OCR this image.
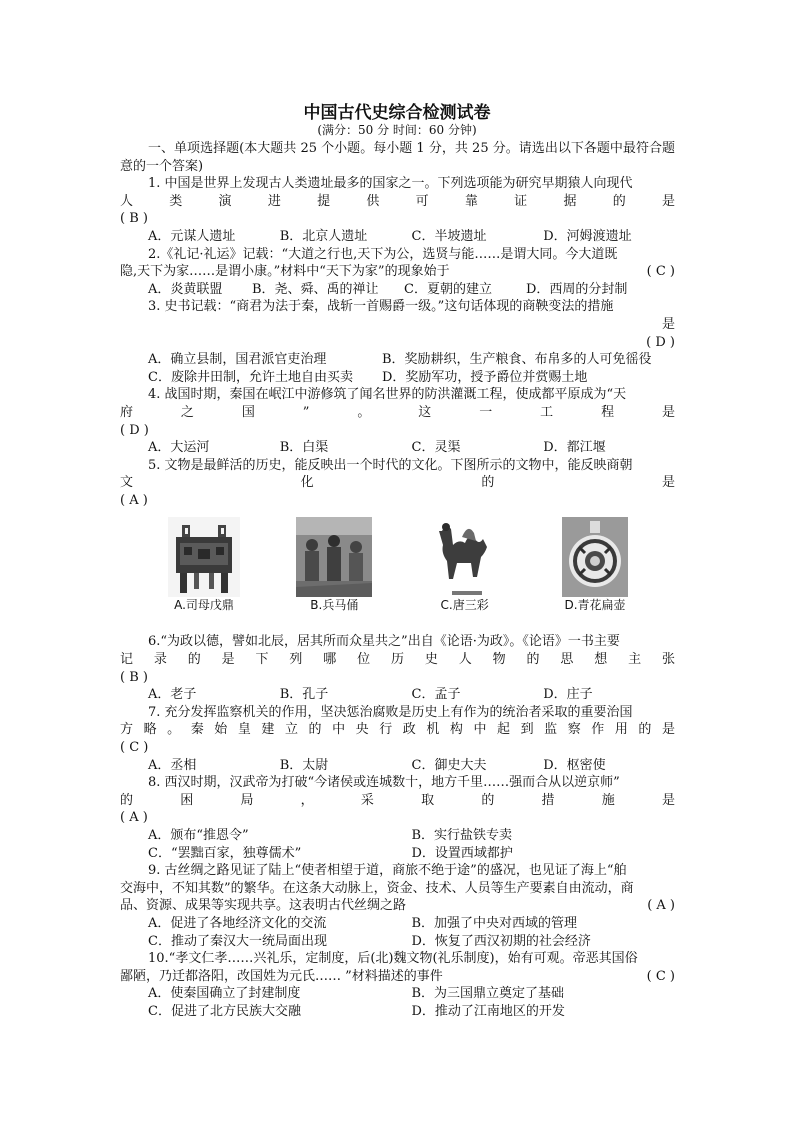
中国古代史综合检测试卷
(满分：50 分 时间：60 分钟)

一、单项选择题(本大题共 25 个小题。每小题 1 分，共 25 分。请选出以下各题中最符合题意的一个答案)

1. 中国是世界上发现古人类遗址最多的国家之一。下列选项能为研究早期猿人向现代

人类演进提供可靠证据的是

( B )

A．元谋人遗址	B．北京人遗址	C．半坡遗址	D．河姆渡遗址

2.《礼记·礼运》记载：“大道之行也,天下为公，选贤与能……是谓大同。今大道既

隐,天下为家……是谓小康。”材料中“天下为家”的现象始于	( C )
A．炎黄联盟	B．尧、舜、禹的禅让	C．夏朝的建立	D．西周的分封制

3. 史书记载：“商君为法于秦，战斩一首赐爵一级。”这句话体现的商鞅变法的措施

是

( D )

A．确立县制，国君派官吏治理	B．奖励耕织，生产粮食、布帛多的人可免徭役
C．废除井田制，允许土地自由买卖	D．奖励军功，授予爵位并赏赐土地

4. 战国时期，秦国在岷江中游修筑了闻名世界的防洪灌溉工程，使成都平原成为“天

府之国”。这一工程是

( D )

A．大运河	B．白渠	C．灵渠	D．都江堰

5. 文物是最鲜活的历史，能反映出一个时代的文化。下图所示的文物中，能反映商朝

文化的是

( A )

A.司母戊鼎	B.兵马俑	C.唐三彩	D.青花扁壶

6.“为政以德，譬如北辰，居其所而众星共之”出自《论语·为政》。《论语》一书主要

记录的是下列哪位历史人物的思想主张

( B )

A．老子	B．孔子	C．孟子	D．庄子

7. 充分发挥监察机关的作用，坚决惩治腐败是历史上有作为的统治者采取的重要治国

方略。秦始皇建立的中央行政机构中起到监察作用的是

( C )

A．丞相	B．太尉	C．御史大夫	D．枢密使

8. 西汉时期，汉武帝为打破“今诸侯或连城数十，地方千里……强而合从以逆京师”

的困局，采取的措施是

( A )

A．颁布“推恩令”	B．实行盐铁专卖
C．“罢黜百家，独尊儒术”	D．设置西域都护

9. 古丝绸之路见证了陆上“使者相望于道，商旅不绝于途”的盛况，也见证了海上“舶

交海中，不知其数”的繁华。在这条大动脉上，资金、技术、人员等生产要素自由流动，商

品、资源、成果等实现共享。这表明古代丝绸之路	( A )
A．促进了各地经济文化的交流	B．加强了中央对西域的管理
C．推动了秦汉大一统局面出现	D．恢复了西汉初期的社会经济

10.“孝文仁孝……兴礼乐，定制度，后(北)魏文物(礼乐制度)，始有可观。帝恶其国俗

鄙陋，乃迁都洛阳，改国姓为元氏…… ”材料描述的事件	( C )
A．使秦国确立了封建制度	B．为三国鼎立奠定了基础
C．促进了北方民族大交融	D．推动了江南地区的开发
